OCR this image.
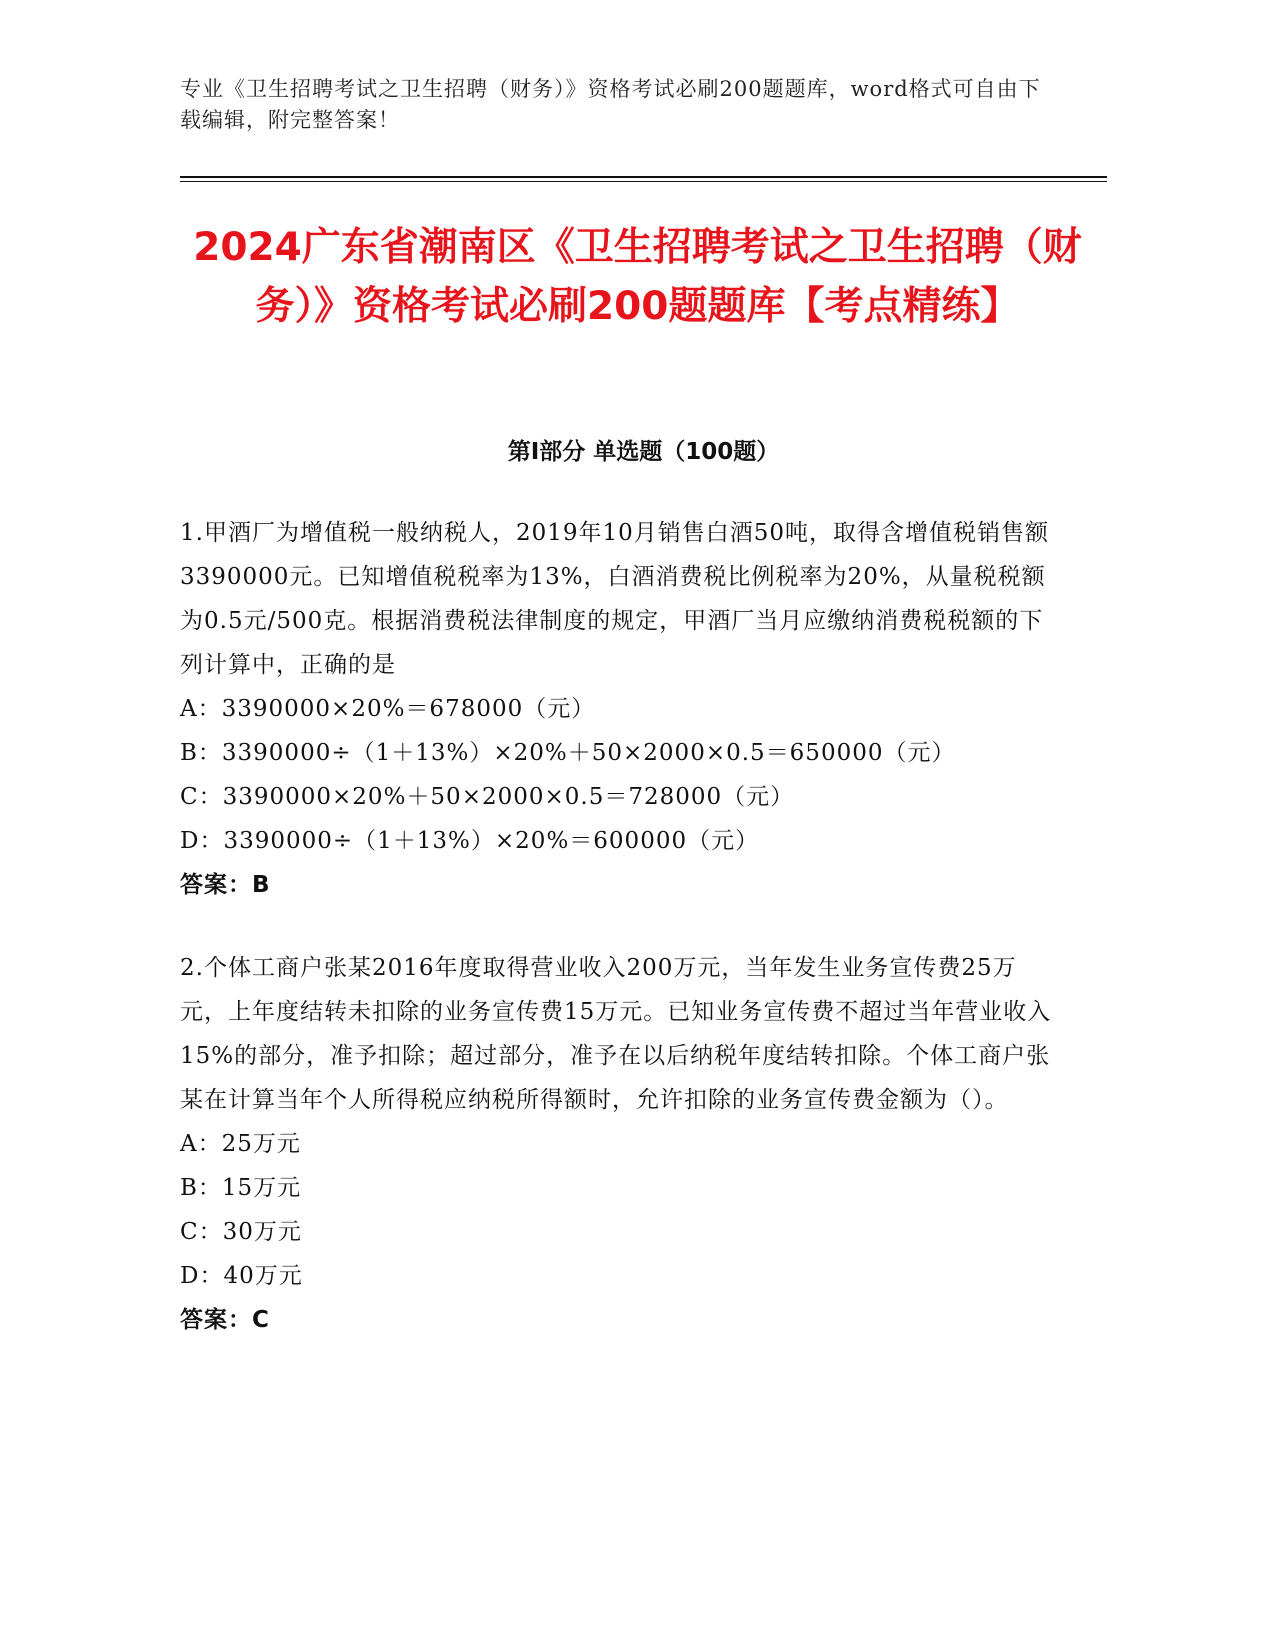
专业《卫生招聘考试之卫生招聘（财务）》资格考试必刷200题题库，word格式可自由下载编辑，附完整答案！
2024广东省潮南区《卫生招聘考试之卫生招聘（财务）》资格考试必刷200题题库【考点精练】
第I部分 单选题（100题）

1.甲酒厂为增值税一般纳税人，2019年10月销售白酒50吨，取得含增值税销售额3390000元。已知增值税税率为13%，白酒消费税比例税率为20%，从量税税额为0.5元/500克。根据消费税法律制度的规定，甲酒厂当月应缴纳消费税税额的下列计算中，正确的是

A：3390000×20%＝678000（元）

B：3390000÷（1＋13%）×20%＋50×2000×0.5＝650000（元）

C：3390000×20%＋50×2000×0.5＝728000（元）

D：3390000÷（1＋13%）×20%＝600000（元）

答案：B

2.个体工商户张某2016年度取得营业收入200万元，当年发生业务宣传费25万元，上年度结转未扣除的业务宣传费15万元。已知业务宣传费不超过当年营业收入15%的部分，准予扣除；超过部分，准予在以后纳税年度结转扣除。个体工商户张某在计算当年个人所得税应纳税所得额时，允许扣除的业务宣传费金额为（）。

A：25万元

B：15万元

C：30万元

D：40万元

答案：C
